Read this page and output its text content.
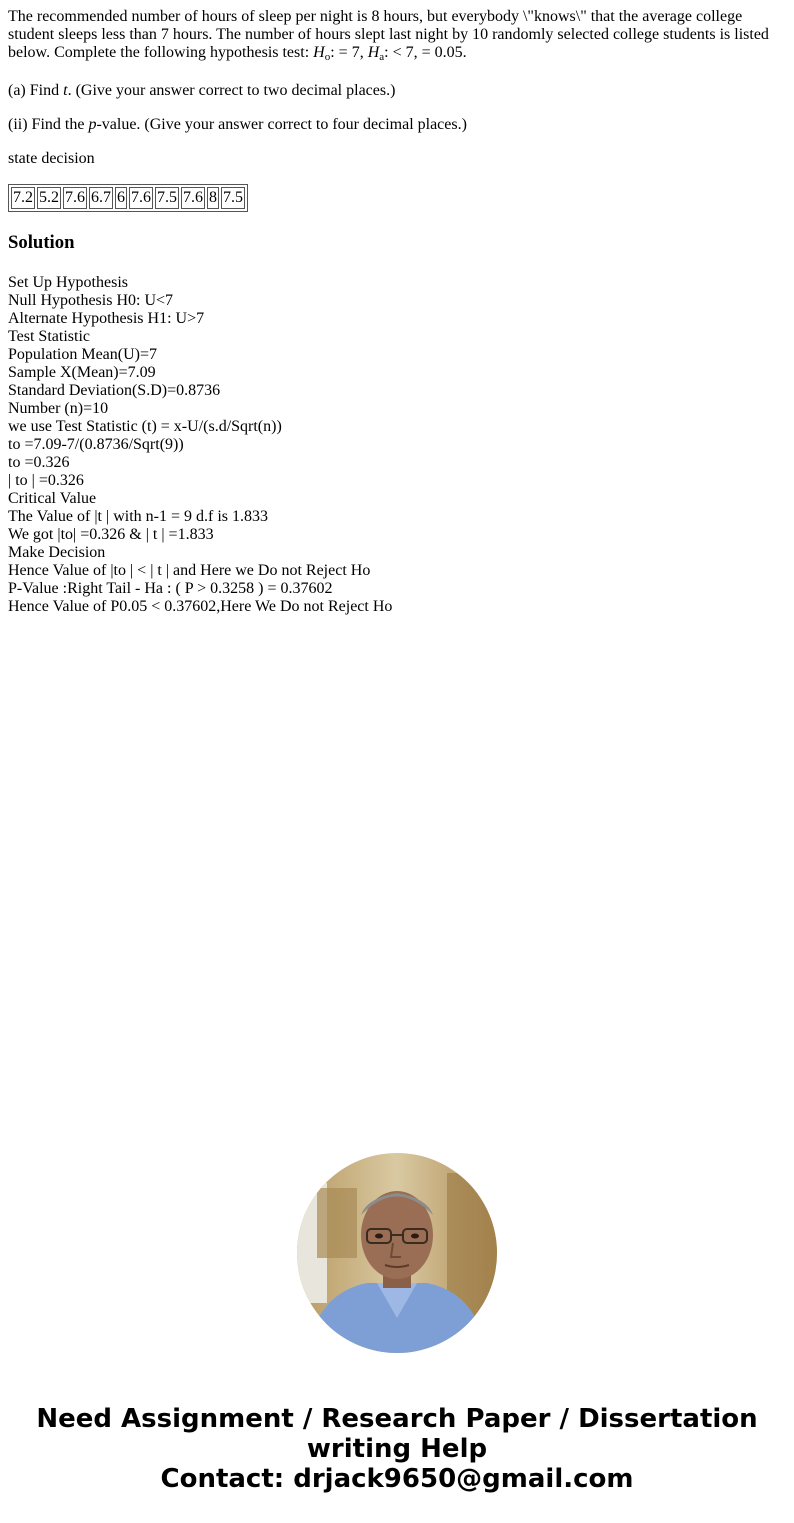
The recommended number of hours of sleep per night is 8 hours, but everybody \"knows\" that the average college student sleeps less than 7 hours. The number of hours slept last night by 10 randomly selected college students is listed below. Complete the following hypothesis test: $H_o$: = 7, $H_a$: < 7, = 0.05.

(a) Find t. (Give your answer correct to two decimal places.)

(ii) Find the p-value. (Give your answer correct to four decimal places.)

state decision

7.2	5.2	7.6	6.7	6	7.6	7.5	7.6	8	7.5
Solution
Set Up Hypothesis
Null Hypothesis H0: U<7
Alternate Hypothesis H1: U>7
Test Statistic
Population Mean(U)=7
Sample X(Mean)=7.09
Standard Deviation(S.D)=0.8736
Number (n)=10
we use Test Statistic (t) = x-U/(s.d/Sqrt(n))
to =7.09-7/(0.8736/Sqrt(9))
to =0.326
| to | =0.326
Critical Value
The Value of |t | with n-1 = 9 d.f is 1.833
We got |to| =0.326 & | t | =1.833
Make Decision
Hence Value of |to | < | t | and Here we Do not Reject Ho
P-Value :Right Tail - Ha : ( P > 0.3258 ) = 0.37602
Hence Value of P0.05 < 0.37602,Here We Do not Reject Ho
Need Assignment / Research Paper / Dissertation
writing Help
Contact: drjack9650@gmail.com
